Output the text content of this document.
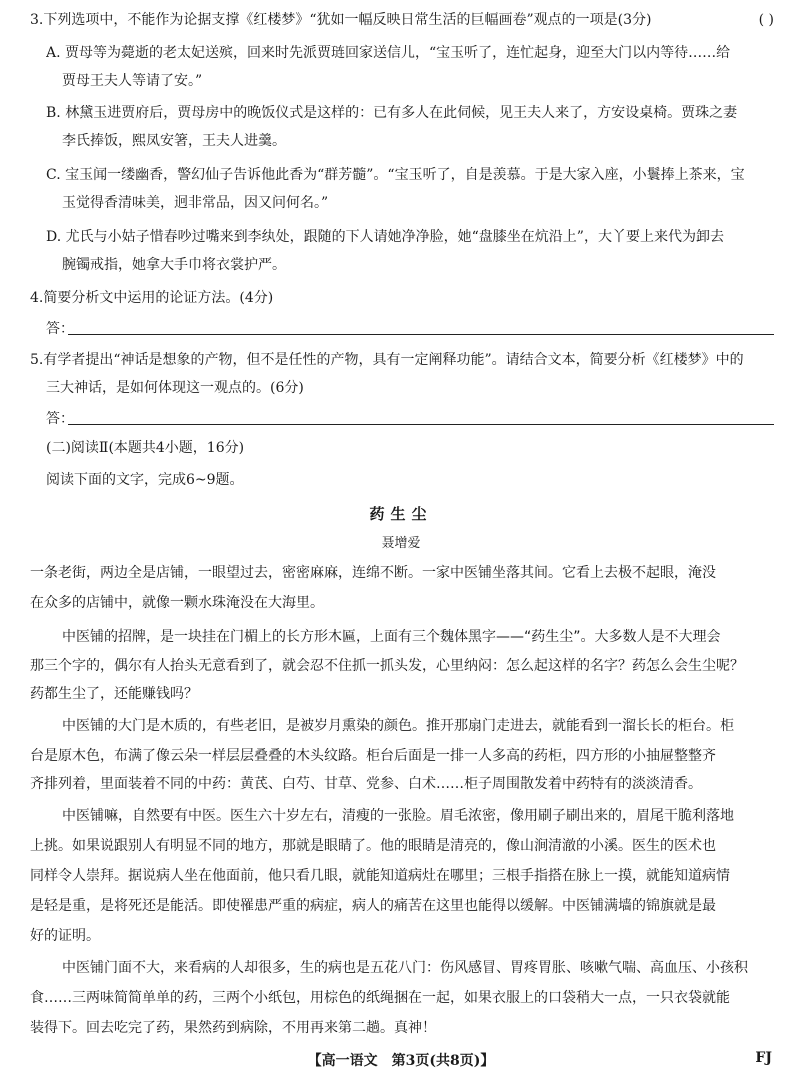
3.下列选项中，不能作为论据支撑《红楼梦》“犹如一幅反映日常生活的巨幅画卷”观点的一项是(3分)	( )
A. 贾母等为薨逝的老太妃送殡，回来时先派贾琏回家送信儿，“宝玉听了，连忙起身，迎至大门以内等待……给
贾母王夫人等请了安。”
B. 林黛玉进贾府后，贾母房中的晚饭仪式是这样的：已有多人在此伺候，见王夫人来了，方安设桌椅。贾珠之妻
李氏捧饭，熙凤安箸，王夫人进羹。
C. 宝玉闻一缕幽香，警幻仙子告诉他此香为“群芳髓”。“宝玉听了，自是羡慕。于是大家入座，小鬟捧上茶来，宝
玉觉得香清味美，迥非常品，因又问何名。”
D. 尤氏与小姑子惜春吵过嘴来到李纨处，跟随的下人请她净净脸，她“盘膝坐在炕沿上”，大丫要上来代为卸去
腕镯戒指，她拿大手巾将衣裳护严。
4.简要分析文中运用的论证方法。(4分)
答：
5.有学者提出“神话是想象的产物，但不是任性的产物，具有一定阐释功能”。请结合文本，简要分析《红楼梦》中的
三大神话，是如何体现这一观点的。(6分)
答：
(二)阅读Ⅱ(本题共4小题，16分)
阅读下面的文字，完成6~9题。
药生尘
聂增爱
一条老街，两边全是店铺，一眼望过去，密密麻麻，连绵不断。一家中医铺坐落其间。它看上去极不起眼，淹没
在众多的店铺中，就像一颗水珠淹没在大海里。
中医铺的招牌，是一块挂在门楣上的长方形木匾，上面有三个魏体黑字——“药生尘”。大多数人是不大理会
那三个字的，偶尔有人抬头无意看到了，就会忍不住抓一抓头发，心里纳闷：怎么起这样的名字？药怎么会生尘呢？
药都生尘了，还能赚钱吗？
中医铺的大门是木质的，有些老旧，是被岁月熏染的颜色。推开那扇门走进去，就能看到一溜长长的柜台。柜
台是原木色，布满了像云朵一样层层叠叠的木头纹路。柜台后面是一排一人多高的药柜，四方形的小抽屉整整齐
齐排列着，里面装着不同的中药：黄芪、白芍、甘草、党参、白术……柜子周围散发着中药特有的淡淡清香。
中医铺嘛，自然要有中医。医生六十岁左右，清瘦的一张脸。眉毛浓密，像用刷子刷出来的，眉尾干脆利落地
上挑。如果说跟别人有明显不同的地方，那就是眼睛了。他的眼睛是清亮的，像山涧清澈的小溪。医生的医术也
同样令人崇拜。据说病人坐在他面前，他只看几眼，就能知道病灶在哪里；三根手指搭在脉上一摸，就能知道病情
是轻是重，是将死还是能活。即使罹患严重的病症，病人的痛苦在这里也能得以缓解。中医铺满墙的锦旗就是最
好的证明。
中医铺门面不大，来看病的人却很多，生的病也是五花八门：伤风感冒、胃疼胃胀、咳嗽气喘、高血压、小孩积
食……三两味简简单单的药，三两个小纸包，用棕色的纸绳捆在一起，如果衣服上的口袋稍大一点，一只衣袋就能
装得下。回去吃完了药，果然药到病除，不用再来第二趟。真神！
【高一语文　第3页(共8页)】	FJ
